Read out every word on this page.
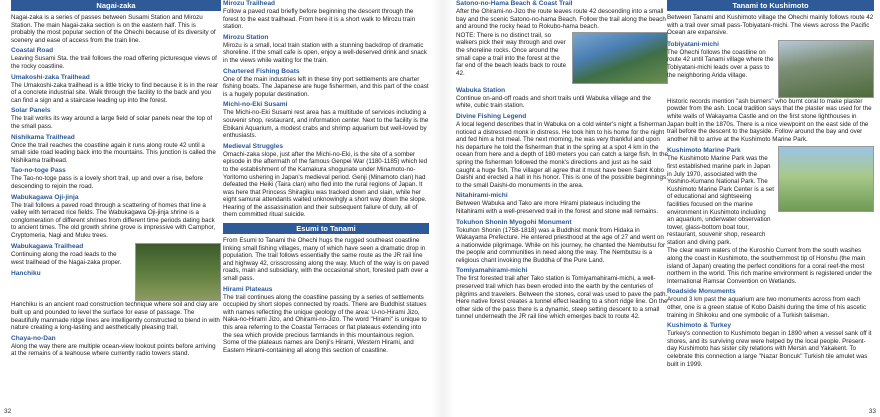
Nagai-zaka
Nagai-zaka is a series of passes between Susami Station and Mirozu Station. The main Nagai-zaka section is on the eastern half. This is probably the most popular section of the Ohechi because of its diversity of scenery and ease of access from the train line.
Coastal Road
Leaving Susami Sta. the trail follows the road offering picturesque views of the rocky coastline.
Umakoshi-zaka Trailhead
The Umakoshi-zaka trailhead is a little tricky to find because it is in the rear of a concrete industrial site. Walk through the facility to the back and you can find a sign and a staircase leading up into the forest.
Solar Panels
The trail works its way around a large field of solar panels near the top of the small pass.
Nishikama Trailhead
Once the trail reaches the coastline again it runs along route 42 until a small side road leading back into the mountains. This junction is called the Nishikama trailhead.
Tao-no-toge Pass
The Tao-no-toge pass is a lovely short trail, up and over a rise, before descending to rejoin the road.
Wabukagawa Oji-jinja
The trail follows a paved road through a scattering of homes that line a valley with terraced rice fields. The Wabukagawa Oji-jinja shrine is a conglomeration of different shrines from different time periods dating back to ancient times. The old growth shrine grove is impressive with Camphor, Cryptomeria, Nagi and Muku trees.
Wabukagawa Trailhead
Continuing along the road leads to the west trailhead of the Nagai-zaka proper.
Hanchiku
Hanchiku is an ancient road construction technique where soil and clay are built up and pounded to level the surface for ease of passage. The beautifully manmade ridge lines are intelligently constructed to blend in with nature creating a long-lasting and aesthetically pleasing trail.
Chaya-no-Dan
Along the way there are multiple ocean-view lookout points before arriving at the remains of a teahouse where currently radio towers stand.
32
Mirozu Trailhead
Follow a paved road briefly before beginning the descent through the forest to the east trailhead. From here it is a short walk to Mirozu train station.
Mirozu Station
Mirozu is a small, local train station with a stunning backdrop of dramatic shoreline. If the small cafe is open, enjoy a well-deserved drink and snack in the views while waiting for the train.
Chartered Fishing Boats
One of the main industries left in these tiny port settlements are charter fishing boats. The Japanese are huge fishermen, and this part of the coast is a hugely popular destination.
Michi-no-Eki Susami
The Michi-no-Eki Susami rest area has a multitude of services including a souvenir shop, restaurant, and information center. Next to the facility is the Ebikani Aquarium, a modest crabs and shrimp aquarium but well-loved by enthusiasts.
Medieval Struggles
Omachi-zaka slope, just after the Michi-no-Eki, is the site of a somber episode in the aftermath of the famous Genpei War (1180-1185) which led to the establishment of the Kamakura shogunate under Minamoto-no-Yoritomo ushering in Japan's medieval period. Genji (Minamoto clan) had defeated the Heiki (Taira clan) who fled into the rural regions of Japan. It was here that Princess Shiragiku was tracked down and slain, while her eight samurai attendants waited unknowingly a short way down the slope. Hearing of the assassination and their subsequent failure of duty, all of them committed ritual suicide.
Esumi to Tanami
From Esumi to Tanami the Ohechi hugs the rugged southeast coastline linking small fishing villages, many of which have seen a dramatic drop in population. The trail follows essentially the same route as the JR rail line and highway 42, crisscrossing along the way. Much of the way is on paved roads, main and subsidiary, with the occasional short, forested path over a small pass.
Hirami Plateaus
The trail continues along the coastline passing by a series of settlements occupied by short slopes connected by roads. There are Buddhist statues with names reflecting the unique geology of the area: U-no-Hirami Jizo, Naka-no-Hirami Jizo, and Ohirami-no-Jizo. The word "Hirami" is unique to this area referring to the Coastal Terraces or flat plateaus extending into the sea which provide precious farmlands in this mountainous region. Some of the plateaus names are Denji's Hirami, Western Hirami, and Eastern Hirami-containing all along this section of coastline.
Satono-no-Hama Beach & Coast Trail
After the Ohirami-no-Jizo the route leaves route 42 descending into a small bay and the scenic Satono-no-hama Beach. Follow the trail along the beach and around the rocky head to Rokubo-hama beach.
NOTE: There is no distinct trail, so walkers pick their way through and over the shoreline rocks. Once around the small cape a trail into the forest at the far end of the beach leads back to route 42.
Wabuka Station
Continue on-and-off roads and short trails until Wabuka village and the white, cubic train station.
Divine Fishing Legend
A local legend describes that in Wabuka on a cold winter's night a fisherman noticed a distressed monk in distress. He took him to his home for the night and fed him a hot meal. The next morning, he was very thankful and upon his departure he told the fisherman that in the spring at a spot 4 km in the ocean from here and a depth of 180 meters you can catch a large fish. In the spring the fisherman followed the monk's directions and just as he said caught a huge fish. The villager all agree that it must have been Saint Kobo Daishi and erected a hall in his honor. This is one of the possible beginnings to the small Daishi-do monuments in the area.
Nitahirami-michi
Between Wabuka and Tako are more Hirami plateaus including the Nitahirami with a well-preserved trail in the forest and stone wall remains.
Tokuhon Shonin Myogohi Monument
Tokuhon Shonin (1758-1818) was a Buddhist monk from Hidaka in Wakayama Prefecture. He entered priesthood at the age of 27 and went on a nationwide pilgrimage. While on his journey, he chanted the Nembutsu for the people and communities in need along the way. The Nembutsu is a religious chant invoking the Buddha of the Pure Land.
Tomiyamahirami-michi
The first forested trail after Tako station is Tomiyamahirami-michi, a well-preserved trail which has been eroded into the earth by the centuries of pilgrims and travelers. Between the stones, coral was used to pave the path. Here native forest creates a tunnel effect leading to a short ridge line. On the other side of the pass there is a dynamic, steep setting descent to a small tunnel underneath the JR rail line which emerges back to route 42.
Tanami to Kushimoto
Between Tanami and Kushimoto village the Ohechi mainly follows route 42 with a trail over small pass-Tobiyatani-michi. The views across the Pacific Ocean are expansive.
Tobiyatani-michi
The Ohechi follows the coastline on route 42 until Tanami village where the Tobiyatani-michi leads over a pass to the neighboring Arida village.
Historic records mention "ash burners" who burnt coral to make plaster powder from the ash. Local tradition says that the plaster was used for the white walls of Wakayama Castle and on the first stone lighthouses in Japan built in the 1870s. There is a nice viewpoint on the east side of the trail before the descent to the bayside. Follow around the bay and over another hill to arrive at the Kushimoto Marine Park.
Kushimoto Marine Park
The Kushimoto Marine Park was the first established marine park in Japan in July 1970, associated with the Yoshino-Kumano National Park. The Kushimoto Marine Park Center is a set of educational and sightseeing facilities focused on the marine environment in Kushimoto including an aquarium, underwater observation tower, glass-bottom boat tour, restaurant, souvenir shop, research station and diving park.
The clear warm waters of the Kuroshio Current from the south washes along the coast in Kushimoto, the southernmost tip of Honshu (the main island of Japan) creating the perfect conditions for a coral reef-the most northern in the world. This rich marine environment is registered under the International Ramsar Convention on Wetlands.
Roadside Monuments
Around 3 km past the aquarium are two monuments across from each other, one is a green statue of Kobo Daishi during the time of his ascetic training in Shikoku and one symbolic of a Turkish talisman.
Kushimoto & Turkey
Turkey's connection to Kushimoto began in 1890 when a vessel sank off it shores, and its surviving crew were helped by the local people. Present-day Kushimoto has sister city relations with Mersin and Yakakent. To celebrate this connection a large "Nazar Boncuk" Turkish tile amulet was built in 1999.
33
